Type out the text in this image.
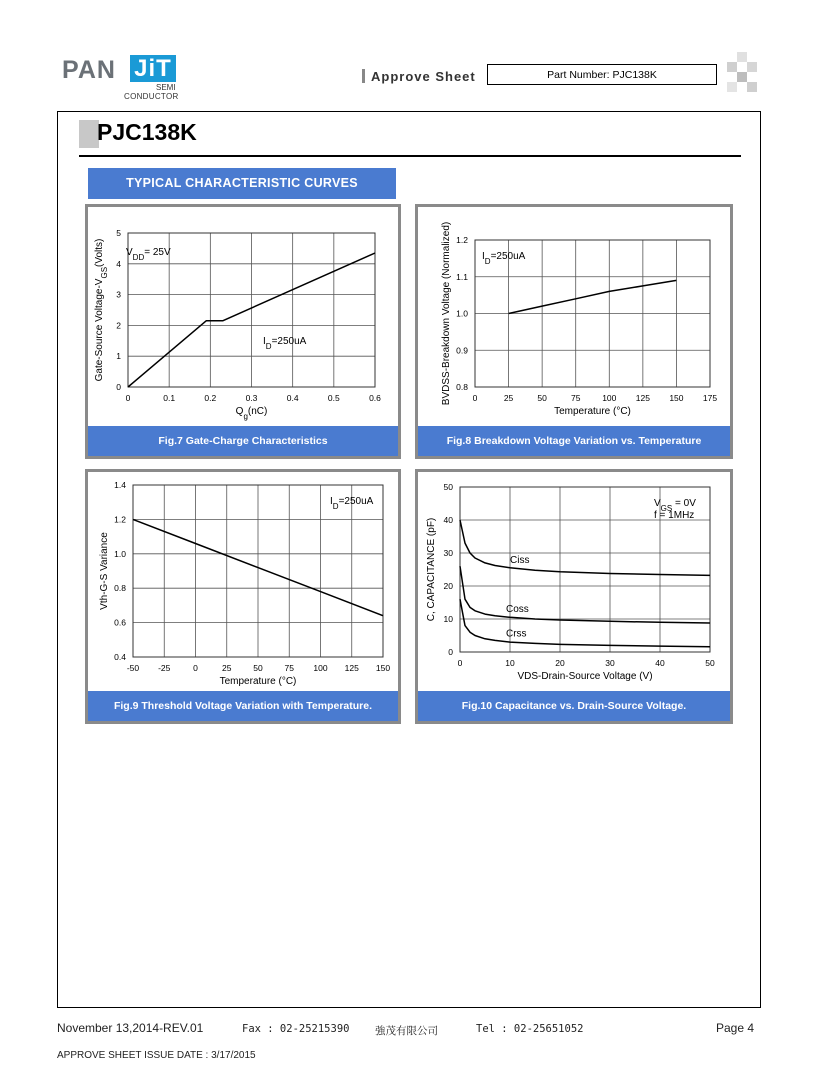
PAN JiT
SEMI
CONDUCTOR
Approve Sheet	Part Number: PJC138K
PJC138K
TYPICAL CHARACTERISTIC CURVES
0	0.1	0.2	0.3	0.4	0.5	0.6
0
1
2
3
4
5
$Q_g(nC)$
Gate-Source Voltage-$V_{GS}(Volts)$	$V_{DD}= 25V$
$I_D=250uA$
Fig.7 Gate-Charge Characteristics
0	25	50	75	100 125 150 175
0.8
0.9
1.0
1.1
1.2
Temperature (°C)
BVDSS-Breakdown Voltage (Normalized)	$I_D=250uA$
Fig.8 Breakdown Voltage Variation vs. Temperature
-50 -25	0	25	50	75 100 125 150
0.4
0.6
0.8
1.0
1.2
1.4
Temperature (°C)
Vth-G-S Variance
$I_D=250uA$
Fig.9 Threshold Voltage Variation with Temperature.
0	10	20	30	40	50
0
10
20
30
40
50
VDS-Drain-Source Voltage (V)
C, CAPACITANCE (pF)
$V_{GS} = 0V$
f = 1MHz
Ciss
Coss
Crss
Fig.10 Capacitance vs. Drain-Source Voltage.
November 13,2014-REV.01	Fax : 02-25215390 強茂有限公司	Tel : 02-25651052	Page 4
APPROVE SHEET ISSUE DATE : 3/17/2015
